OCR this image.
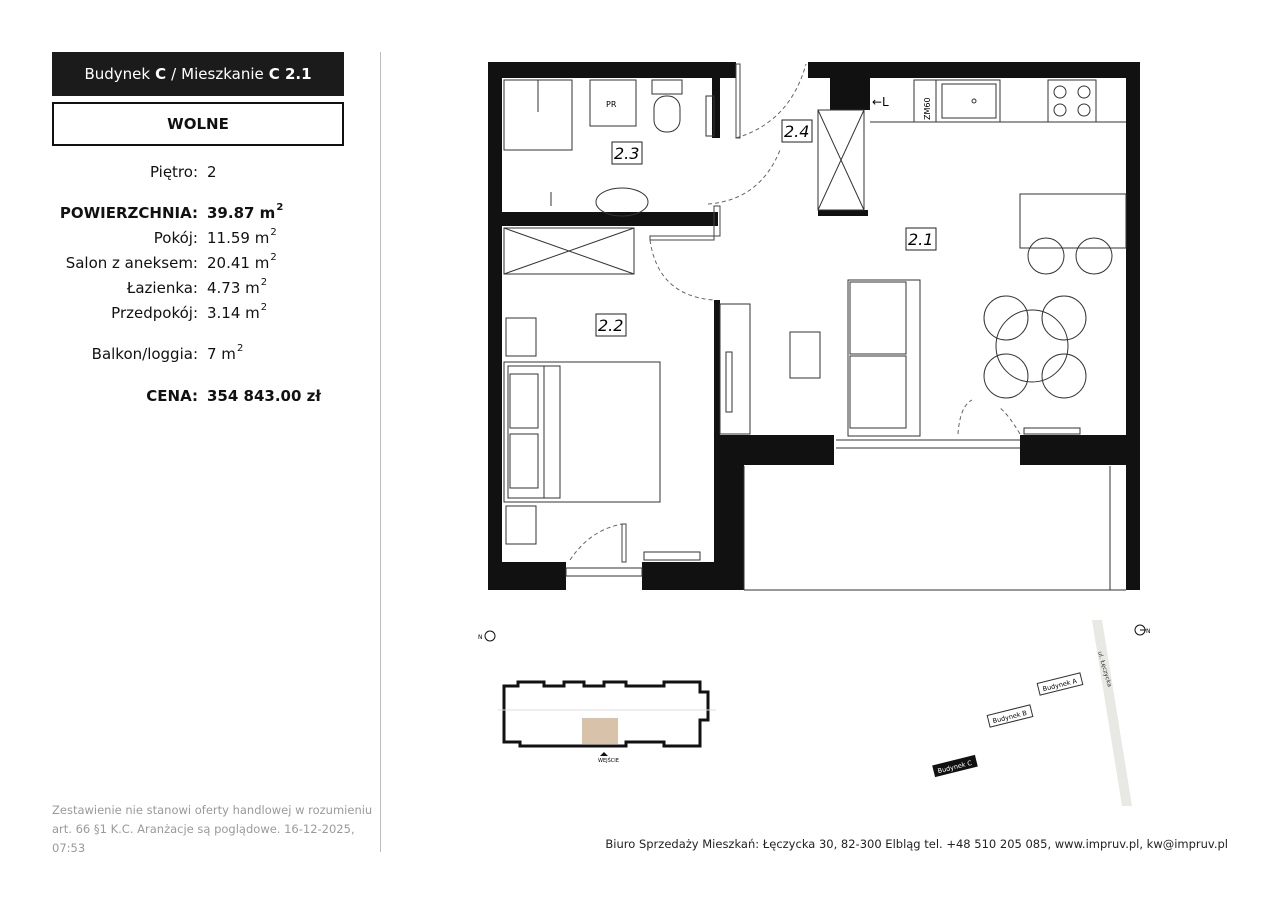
Budynek C / Mieszkanie C 2.1
WOLNE
Piętro: 2
POWIERZCHNIA: 39.87 $m^2$
Pokój: 11.59 $m^2$
Salon z aneksem: 20.41 $m^2$
Łazienka: 4.73 $m^2$
Przedpokój: 3.14 $m^2$
Balkon/loggia: 7 $m^2$
CENA: 354 843.00 zł
Zestawienie nie stanowi oferty handlowej w rozumieniu art. 66 §1 K.C. Aranżacje są poglądowe. 16-12-2025, 07:53	Biuro Sprzedaży Mieszkań: Łęczycka 30, 82-300 Elbląg tel. +48 510 205 085, www.impruv.pl, kw@impruv.pl
PR
2.3
2.4
2.1
2.2
ZM60
←L
WEJŚCIE
N
N
ul. Łęczycka
Budynek A
Budynek B
Budynek C
